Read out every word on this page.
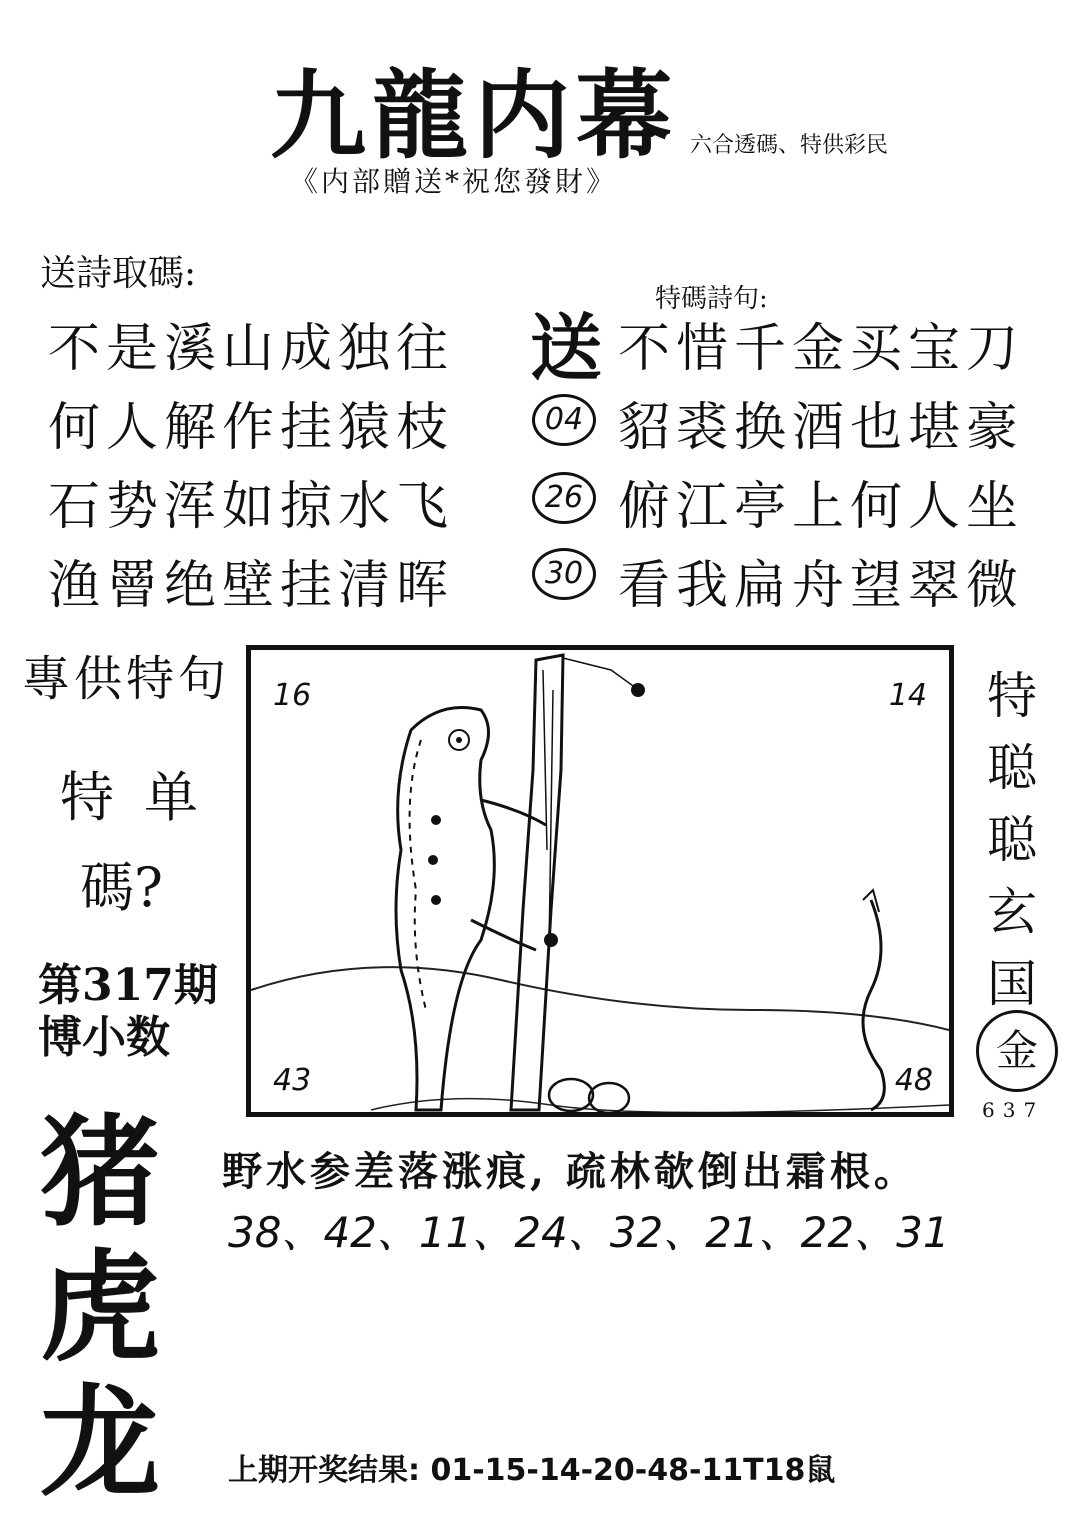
九龍内幕 六合透碼、特供彩民
《内部贈送*祝您發財》
送詩取碼:
不是溪山成独往
何人解作挂猿枝
石势浑如掠水飞
渔罾绝壁挂清晖
送
特碼詩句:
04
26
30
不惜千金买宝刀
貂裘换酒也堪豪
俯江亭上何人坐
看我扁舟望翠微
專供特句
特单
碼?
第317期
博小数
猪
虎
龙
16	14
43	48
特
聪
聪
玄
国
金
637
野水参差落涨痕, 疏林欹倒出霜根。
38、42、11、24、32、21、22、31
上期开奖结果: 01-15-14-20-48-11T18鼠
